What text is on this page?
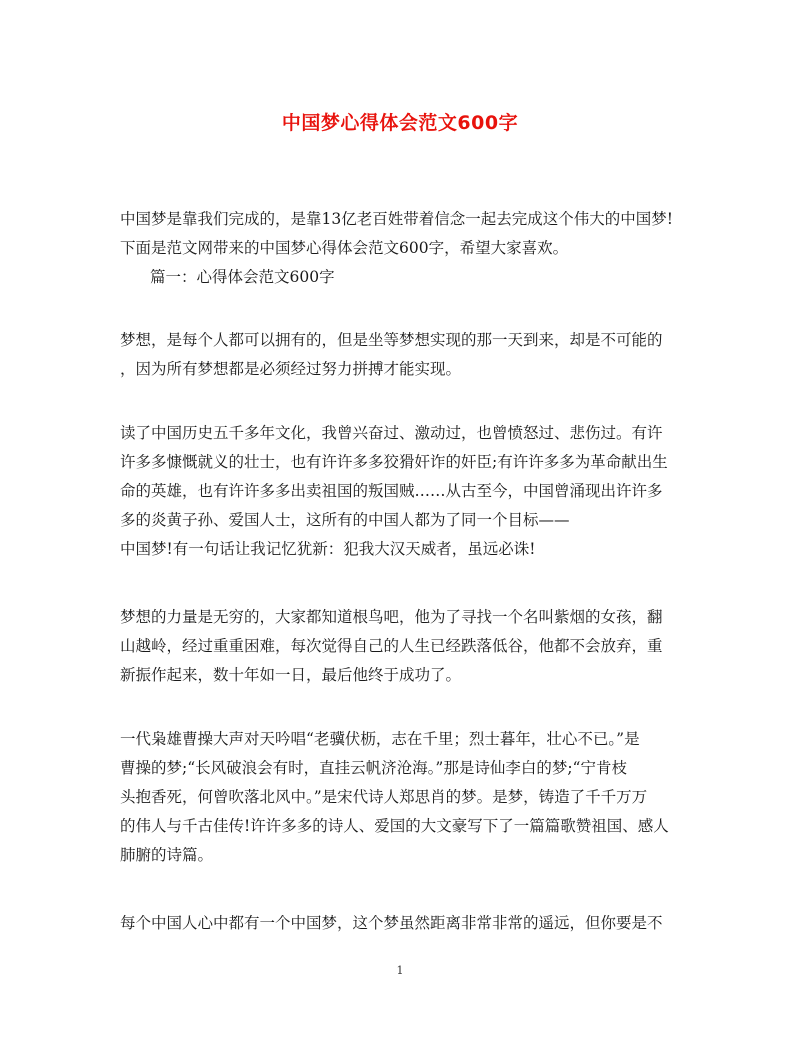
中国梦心得体会范文600字
中国梦是靠我们完成的，是靠13亿老百姓带着信念一起去完成这个伟大的中国梦!
下面是范文网带来的中国梦心得体会范文600字，希望大家喜欢。
篇一：心得体会范文600字
梦想，是每个人都可以拥有的，但是坐等梦想实现的那一天到来，却是不可能的
，因为所有梦想都是必须经过努力拼搏才能实现。
读了中国历史五千多年文化，我曾兴奋过、激动过，也曾愤怒过、悲伤过。有许
许多多慷慨就义的壮士，也有许许多多狡猾奸诈的奸臣;有许许多多为革命献出生
命的英雄，也有许许多多出卖祖国的叛国贼……从古至今，中国曾涌现出许许多
多的炎黄子孙、爱国人士，这所有的中国人都为了同一个目标——
中国梦!有一句话让我记忆犹新：犯我大汉天威者，虽远必诛!
梦想的力量是无穷的，大家都知道根鸟吧，他为了寻找一个名叫紫烟的女孩，翻
山越岭，经过重重困难，每次觉得自己的人生已经跌落低谷，他都不会放弃，重
新振作起来，数十年如一日，最后他终于成功了。
一代枭雄曹操大声对天吟唱“老骥伏枥，志在千里；烈士暮年，壮心不已。”是
曹操的梦;“长风破浪会有时，直挂云帆济沧海。”那是诗仙李白的梦;“宁肯枝
头抱香死，何曾吹落北风中。”是宋代诗人郑思肖的梦。是梦，铸造了千千万万
的伟人与千古佳传!许许多多的诗人、爱国的大文豪写下了一篇篇歌赞祖国、感人
肺腑的诗篇。
每个中国人心中都有一个中国梦，这个梦虽然距离非常非常的遥远，但你要是不
1
